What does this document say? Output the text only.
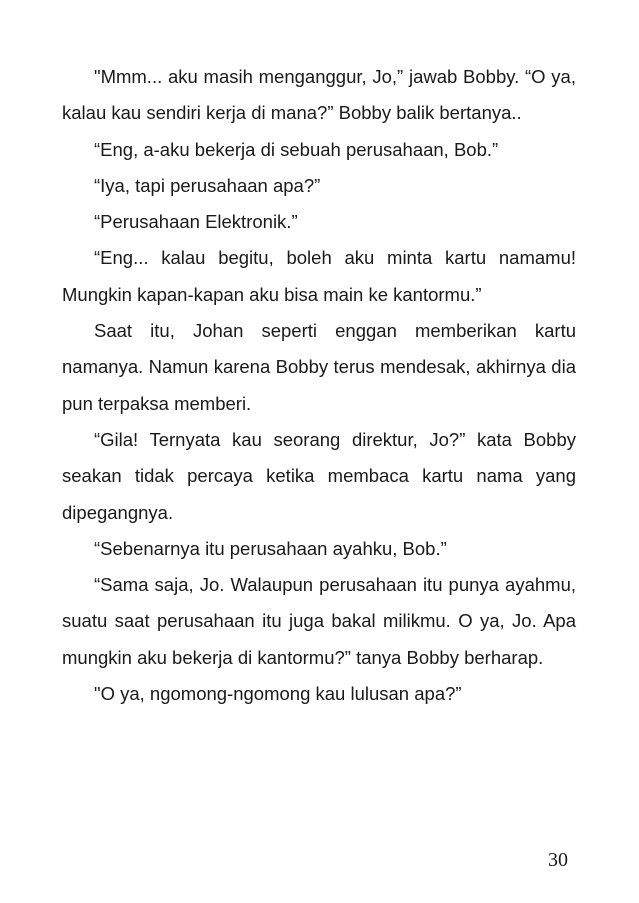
"Mmm... aku masih menganggur, Jo,” jawab Bobby. “O ya, kalau kau sendiri kerja di mana?” Bobby balik bertanya..

“Eng, a-aku bekerja di sebuah perusahaan, Bob.”

“Iya, tapi perusahaan apa?”

“Perusahaan Elektronik.”

“Eng... kalau begitu, boleh aku minta kartu namamu! Mungkin kapan-kapan aku bisa main ke kantormu.”

Saat itu, Johan seperti enggan memberikan kartu namanya. Namun karena Bobby terus mendesak, akhirnya dia pun terpaksa memberi.

“Gila! Ternyata kau seorang direktur, Jo?” kata Bobby seakan tidak percaya ketika membaca kartu nama yang dipegangnya.

“Sebenarnya itu perusahaan ayahku, Bob.”

“Sama saja, Jo. Walaupun perusahaan itu punya ayahmu, suatu saat perusahaan itu juga bakal milikmu. O ya, Jo. Apa mungkin aku bekerja di kantormu?” tanya Bobby berharap.

"O ya, ngomong-ngomong kau lulusan apa?”

30
